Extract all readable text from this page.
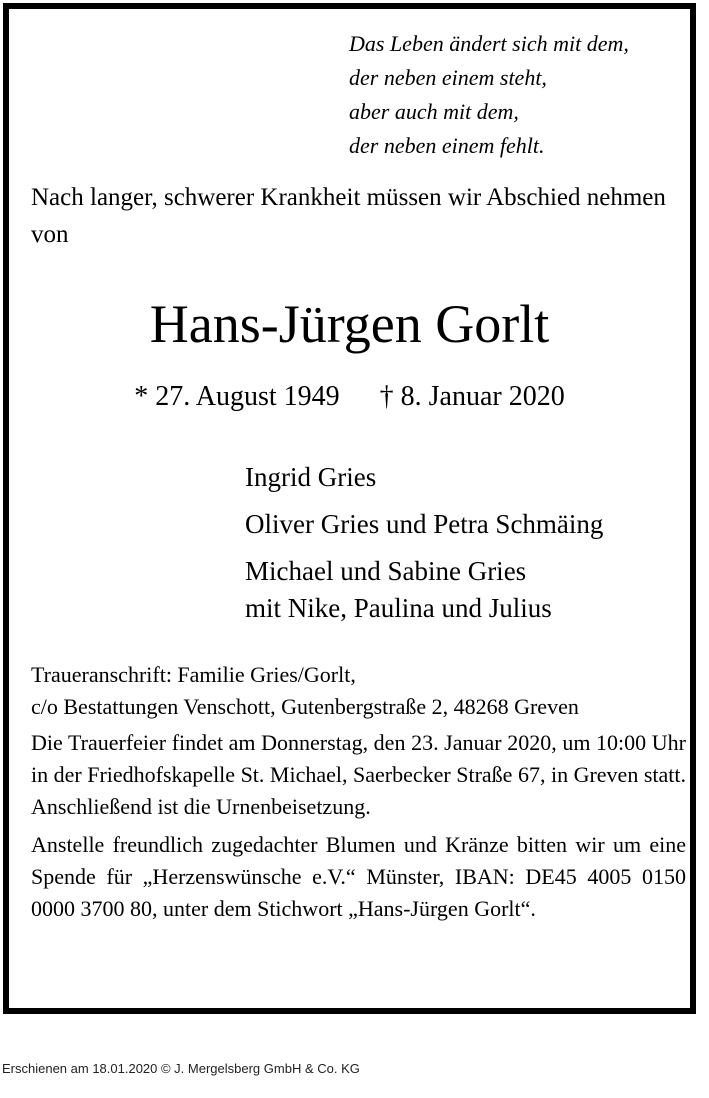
Das Leben ändert sich mit dem,
der neben einem steht,
aber auch mit dem,
der neben einem fehlt.
Nach langer, schwerer Krankheit müssen wir Abschied nehmen von
Hans-Jürgen Gorlt
* 27. August 1949 † 8. Januar 2020
Ingrid Gries
Oliver Gries und Petra Schmäing
Michael und Sabine Gries
mit Nike, Paulina und Julius
Traueranschrift: Familie Gries/Gorlt,
c/o Bestattungen Venschott, Gutenbergstraße 2, 48268 Greven
Die Trauerfeier findet am Donnerstag, den 23. Januar 2020, um 10:00 Uhr in der Friedhofskapelle St. Michael, Saerbecker Straße 67, in Greven statt. Anschließend ist die Urnenbeisetzung.
Anstelle freundlich zugedachter Blumen und Kränze bitten wir um eine Spende für „Herzenswünsche e.V.“ Münster, IBAN: DE45 4005 0150 0000 3700 80, unter dem Stichwort „Hans-Jürgen Gorlt“.
Erschienen am 18.01.2020 © J. Mergelsberg GmbH & Co. KG
